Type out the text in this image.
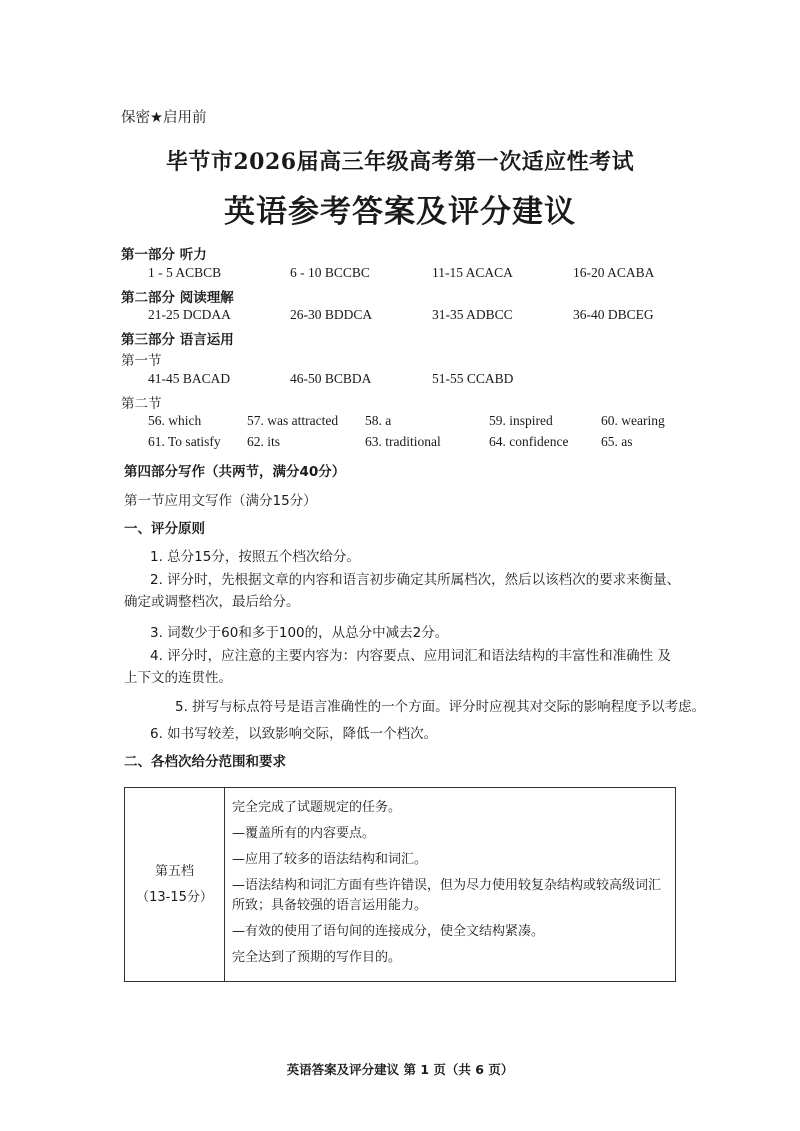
保密★启用前
毕节市2026届高三年级高考第一次适应性考试
英语参考答案及评分建议
第一部分 听力
1 - 5 ACBCB	6 - 10 BCCBC	11-15 ACACA	16-20 ACABA
第二部分 阅读理解
21-25 DCDAA	26-30 BDDCA	31-35 ADBCC	36-40 DBCEG
第三部分 语言运用
第一节
41-45 BACAD	46-50 BCBDA	51-55 CCABD
第二节
56. which	57. was attracted 58. a	59. inspired	60. wearing
61. To satisfy 62. its	63. traditional	64. confidence 65. as
第四部分写作（共两节，满分40分）
第一节应用文写作（满分15分）
一、评分原则
1. 总分15分，按照五个档次给分。
2. 评分时，先根据文章的内容和语言初步确定其所属档次，然后以该档次的要求来衡量、确定或调整档次，最后给分。
3. 词数少于60和多于100的，从总分中减去2分。
4. 评分时，应注意的主要内容为：内容要点、应用词汇和语法结构的丰富性和准确性 及上下文的连贯性。
5. 拼写与标点符号是语言准确性的一个方面。评分时应视其对交际的影响程度予以考虑。
6. 如书写较差，以致影响交际，降低一个档次。
二、各档次给分范围和要求
第五档
（13-15分）

完全完成了试题规定的任务。
—覆盖所有的内容要点。
—应用了较多的语法结构和词汇。
—语法结构和词汇方面有些许错误，但为尽力使用较复杂结构或较高级词汇所致；具备较强的语言运用能力。
—有效的使用了语句间的连接成分，使全文结构紧凑。
完全达到了预期的写作目的。
英语答案及评分建议 第 1 页（共 6 页）
